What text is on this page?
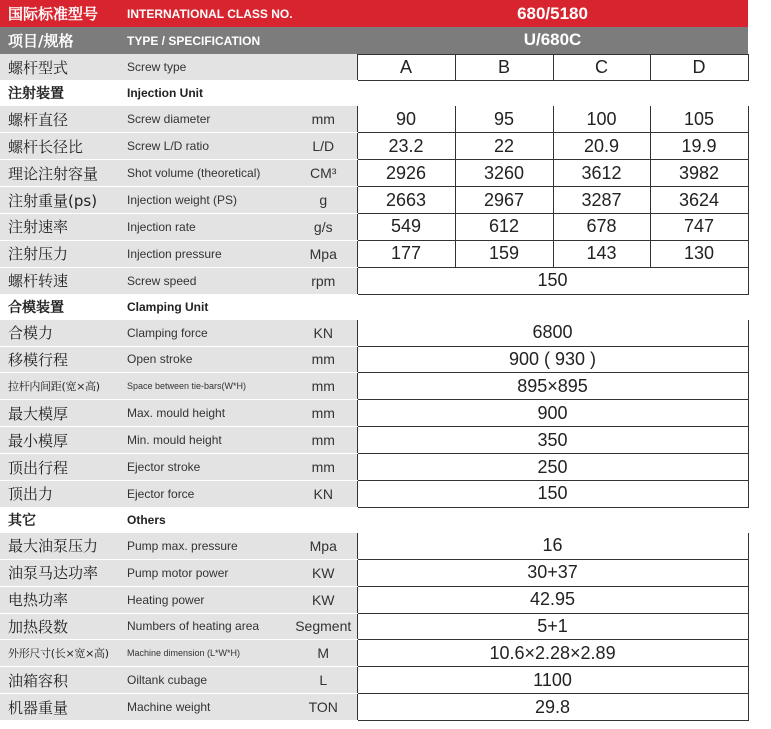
国际标准型号	INTERNATIONAL CLASS NO.		680/5180			
项目/规格	TYPE / SPECIFICATION		U/680C			
螺杆型式	Screw type		A	B	C	D
注射装置	Injection Unit					
螺杆直径	Screw diameter	mm	90	95	100	105
螺杆长径比	Screw L/D ratio	L/D	23.2	22	20.9	19.9
理论注射容量	Shot volume (theoretical)	CM³	2926	3260	3612	3982
注射重量(ps)	Injection weight (PS)	g	2663	2967	3287	3624
注射速率	Injection rate	g/s	549	612	678	747
注射压力	Injection pressure	Mpa	177	159	143	130
螺杆转速	Screw speed	rpm	150			
合模装置	Clamping Unit					
合模力	Clamping force	KN	6800			
移模行程	Open stroke	mm	900 ( 930 )			
拉杆内间距(宽×高)	Space between tie-bars(W*H)	mm	895×895			
最大模厚	Max. mould height	mm	900			
最小模厚	Min. mould height	mm	350			
顶出行程	Ejector stroke	mm	250			
顶出力	Ejector force	KN	150			
其它	Others					
最大油泵压力	Pump max. pressure	Mpa	16			
油泵马达功率	Pump motor power	KW	30+37			
电热功率	Heating power	KW	42.95			
加热段数	Numbers of heating area	Segment	5+1			
外形尺寸(长×宽×高)	Machine dimension (L*W*H)	M	10.6×2.28×2.89			
油箱容积	Oiltank cubage	L	1100			
机器重量	Machine weight	TON	29.8			
